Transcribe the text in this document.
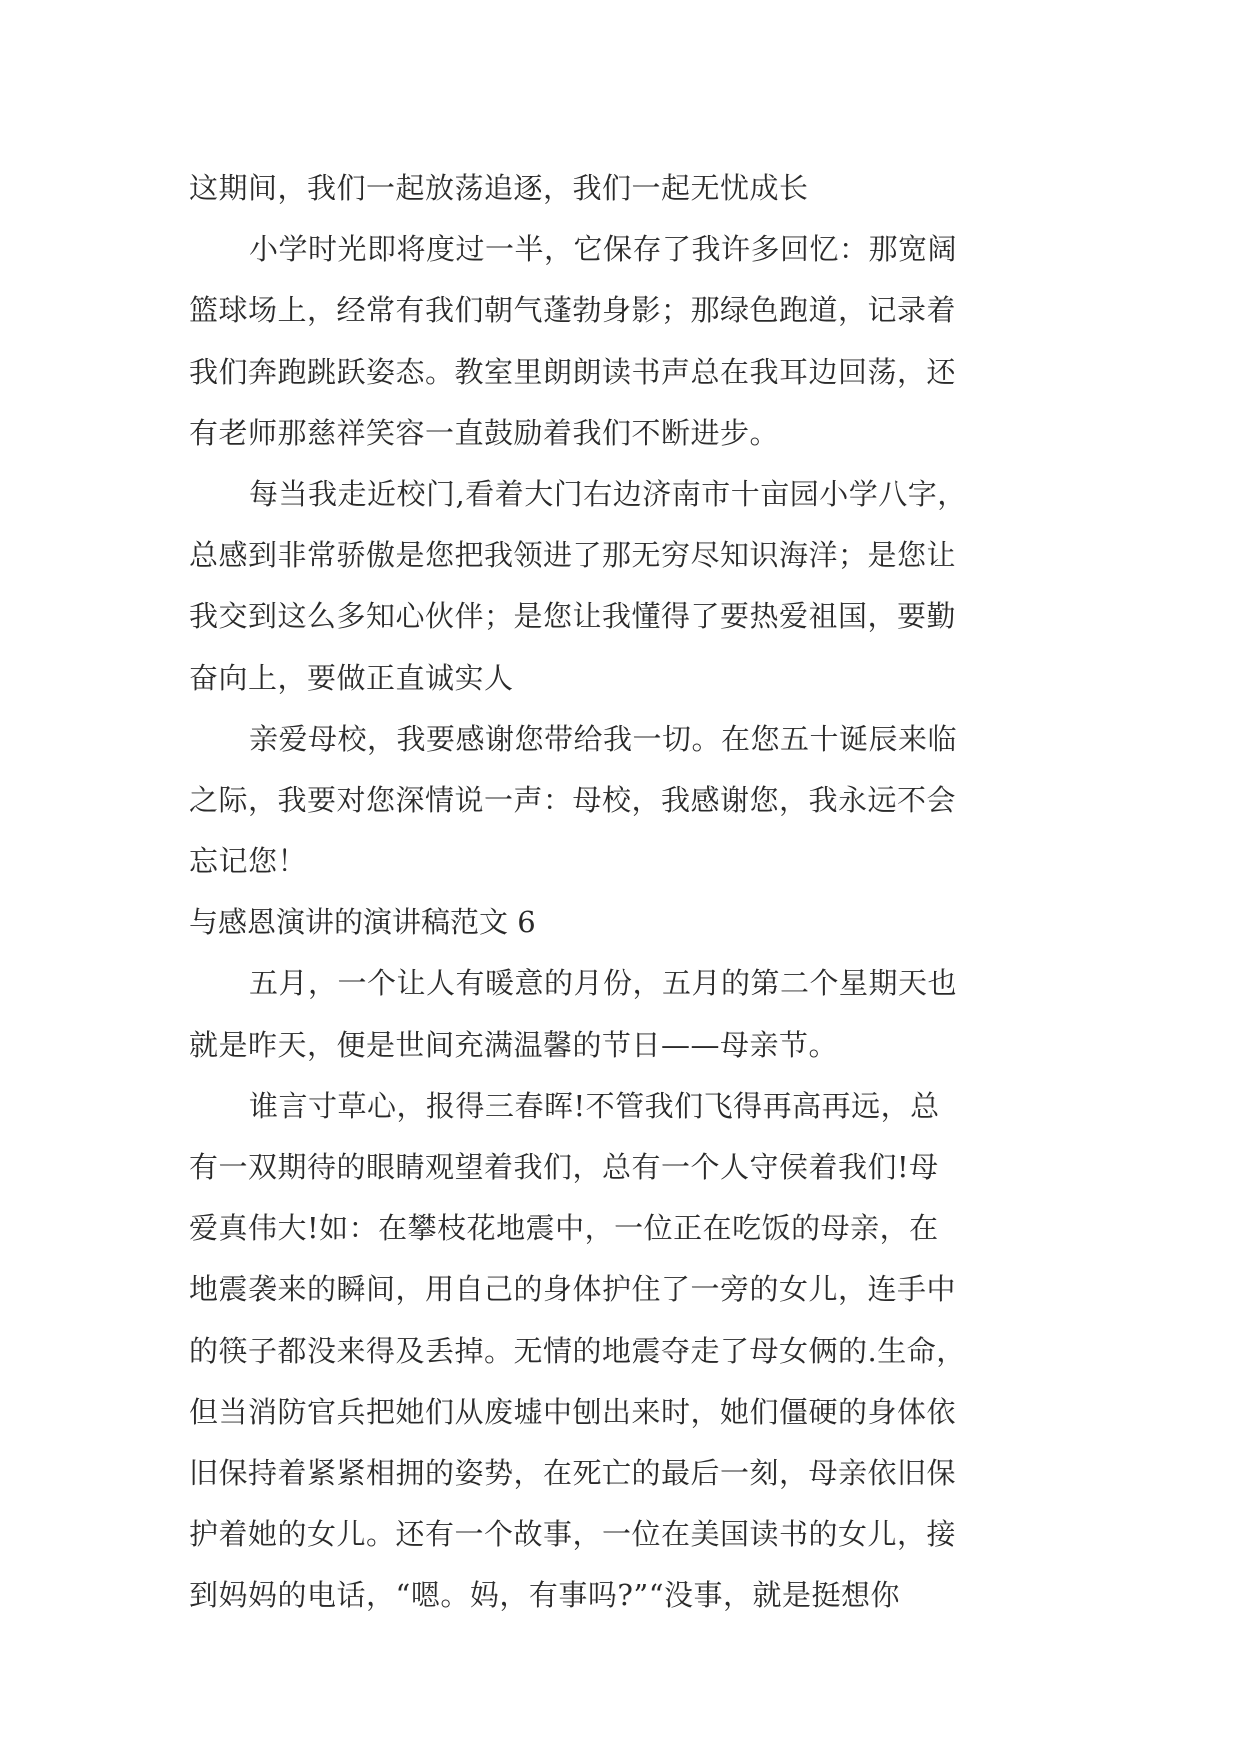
这期间，我们一起放荡追逐，我们一起无忧成长
小学时光即将度过一半，它保存了我许多回忆：那宽阔
篮球场上，经常有我们朝气蓬勃身影；那绿色跑道，记录着
我们奔跑跳跃姿态。教室里朗朗读书声总在我耳边回荡，还
有老师那慈祥笑容一直鼓励着我们不断进步。
每当我走近校门,看着大门右边济南市十亩园小学八字，
总感到非常骄傲是您把我领进了那无穷尽知识海洋；是您让
我交到这么多知心伙伴；是您让我懂得了要热爱祖国，要勤
奋向上，要做正直诚实人
亲爱母校，我要感谢您带给我一切。在您五十诞辰来临
之际，我要对您深情说一声：母校，我感谢您，我永远不会
忘记您！
与感恩演讲的演讲稿范文 6
五月，一个让人有暖意的月份，五月的第二个星期天也
就是昨天，便是世间充满温馨的节日——母亲节。
谁言寸草心，报得三春晖!不管我们飞得再高再远，总
有一双期待的眼睛观望着我们，总有一个人守侯着我们!母
爱真伟大!如：在攀枝花地震中，一位正在吃饭的母亲，在
地震袭来的瞬间，用自己的身体护住了一旁的女儿，连手中
的筷子都没来得及丢掉。无情的地震夺走了母女俩的.生命，
但当消防官兵把她们从废墟中刨出来时，她们僵硬的身体依
旧保持着紧紧相拥的姿势，在死亡的最后一刻，母亲依旧保
护着她的女儿。还有一个故事，一位在美国读书的女儿，接
到妈妈的电话，“嗯。妈，有事吗?”“没事，就是挺想你
